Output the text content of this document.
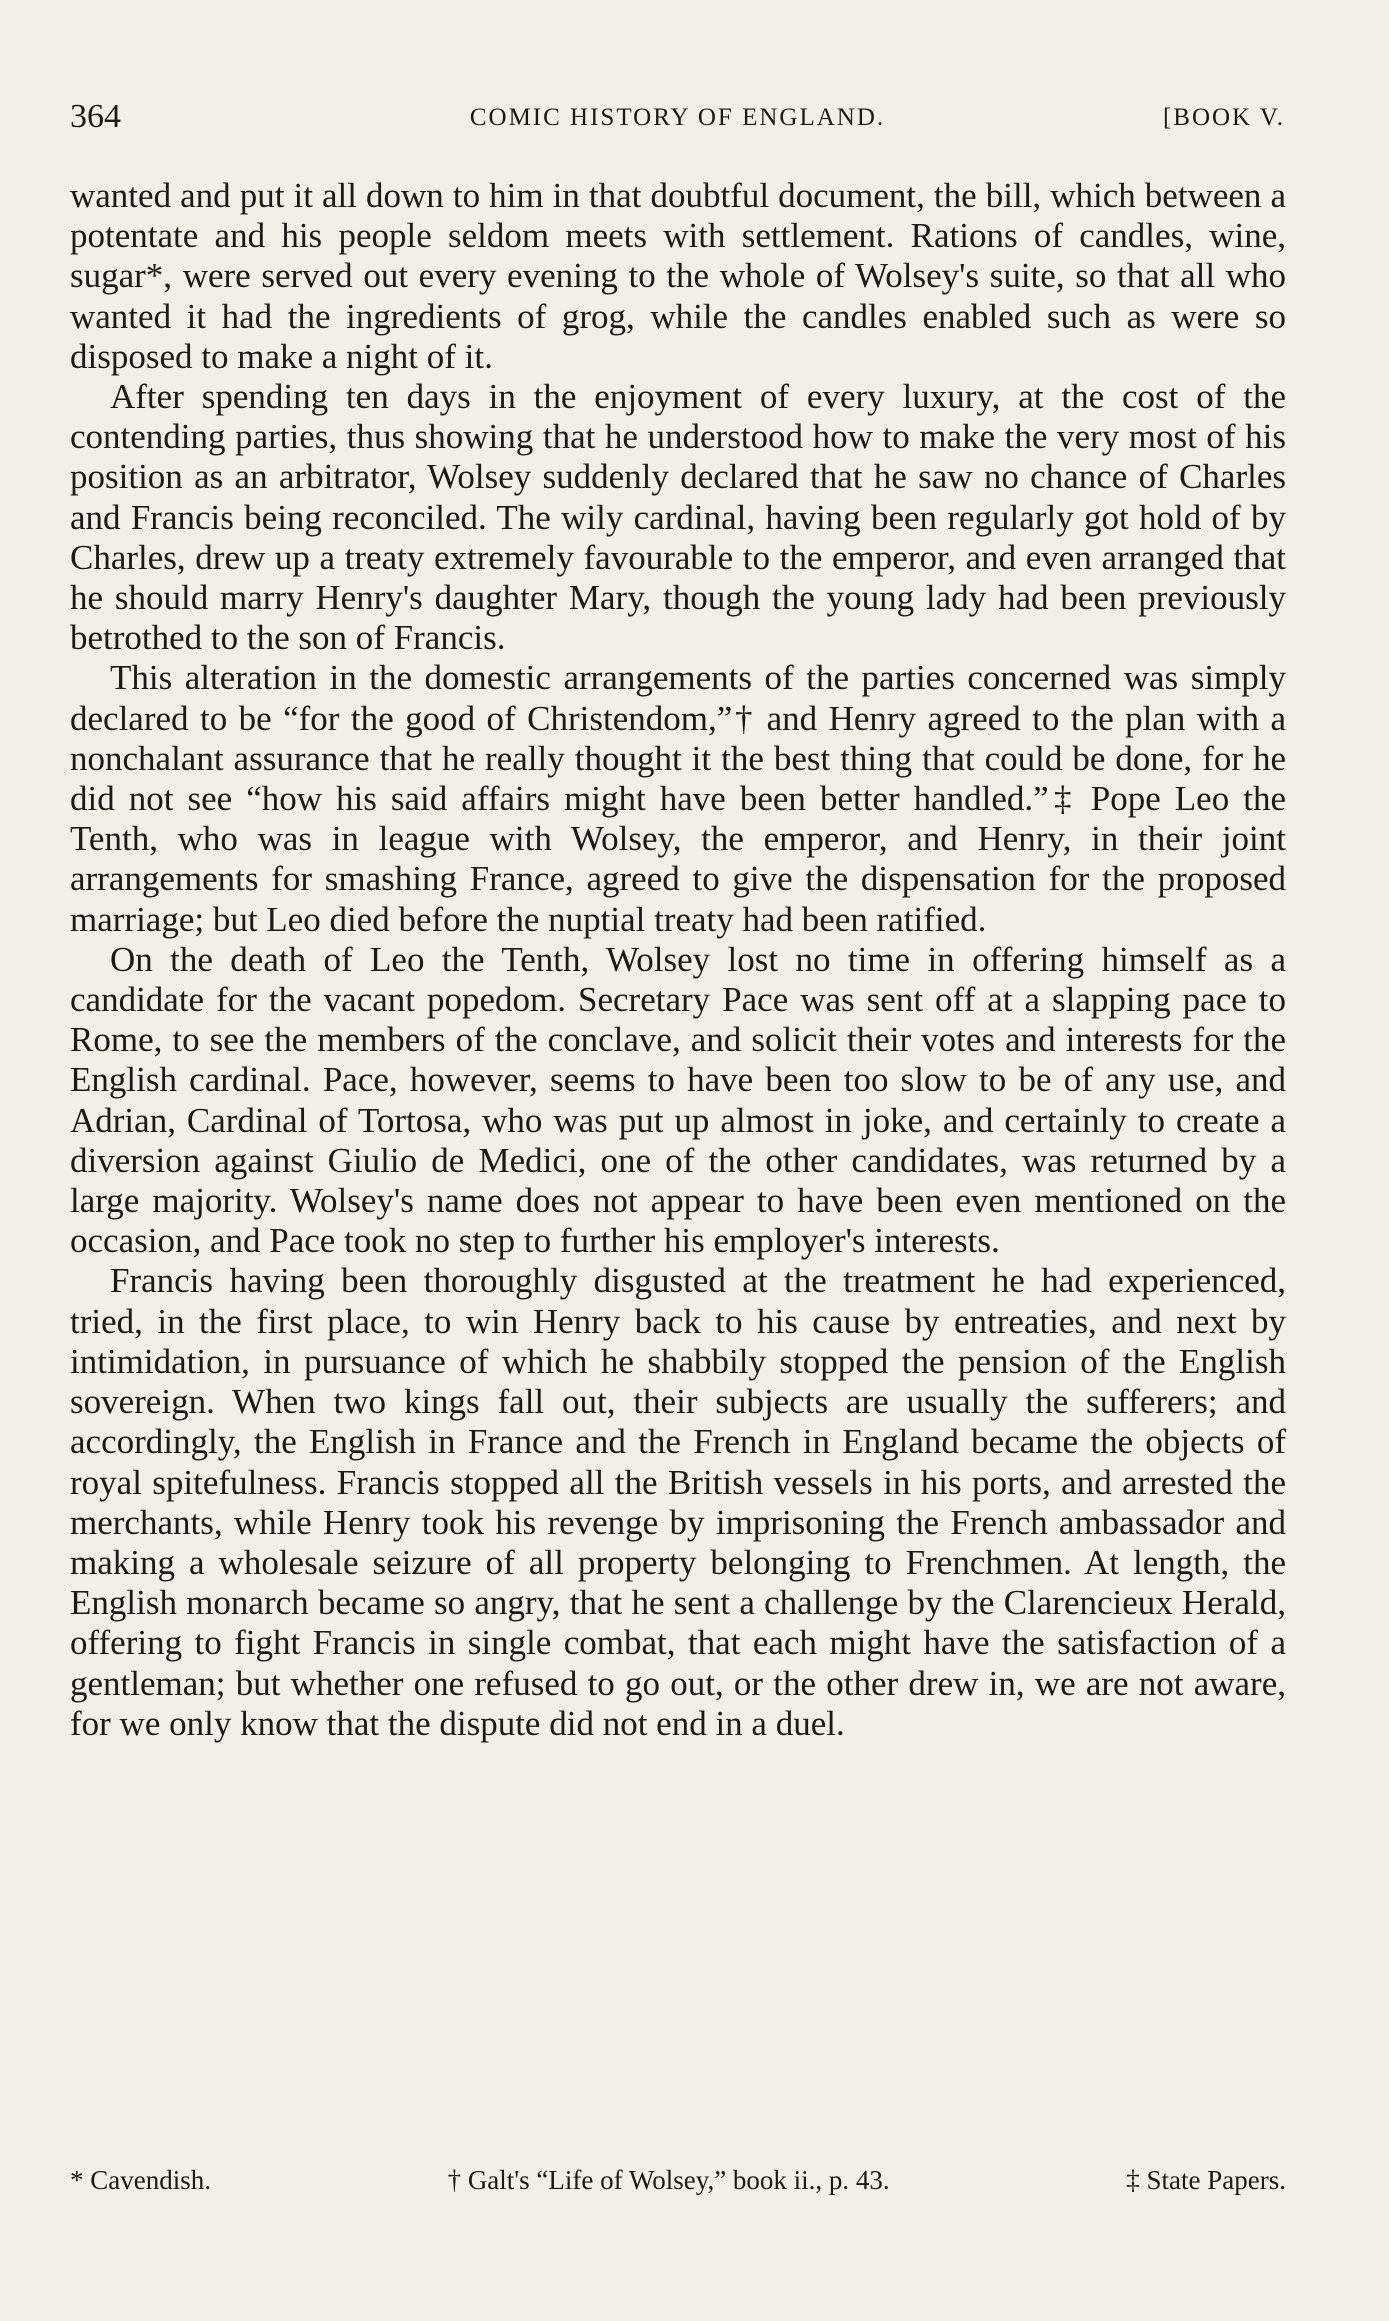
364	COMIC HISTORY OF ENGLAND.	[BOOK V.

wanted and put it all down to him in that doubtful document, the bill, which between a potentate and his people seldom meets with settlement. Rations of candles, wine, sugar*, were served out every evening to the whole of Wolsey's suite, so that all who wanted it had the ingredients of grog, while the candles enabled such as were so disposed to make a night of it.

After spending ten days in the enjoyment of every luxury, at the cost of the contending parties, thus showing that he understood how to make the very most of his position as an arbitrator, Wolsey suddenly declared that he saw no chance of Charles and Francis being reconciled. The wily cardinal, having been regularly got hold of by Charles, drew up a treaty extremely favourable to the emperor, and even arranged that he should marry Henry's daughter Mary, though the young lady had been previously betrothed to the son of Francis.

This alteration in the domestic arrangements of the parties concerned was simply declared to be “for the good of Christendom,”† and Henry agreed to the plan with a nonchalant assurance that he really thought it the best thing that could be done, for he did not see “how his said affairs might have been better handled.”‡ Pope Leo the Tenth, who was in league with Wolsey, the emperor, and Henry, in their joint arrangements for smashing France, agreed to give the dispensation for the proposed marriage; but Leo died before the nuptial treaty had been ratified.

On the death of Leo the Tenth, Wolsey lost no time in offering himself as a candidate for the vacant popedom. Secretary Pace was sent off at a slapping pace to Rome, to see the members of the conclave, and solicit their votes and interests for the English cardinal. Pace, however, seems to have been too slow to be of any use, and Adrian, Cardinal of Tortosa, who was put up almost in joke, and certainly to create a diversion against Giulio de Medici, one of the other candidates, was returned by a large majority. Wolsey's name does not appear to have been even mentioned on the occasion, and Pace took no step to further his employer's interests.

Francis having been thoroughly disgusted at the treatment he had experienced, tried, in the first place, to win Henry back to his cause by entreaties, and next by intimidation, in pursuance of which he shabbily stopped the pension of the English sovereign. When two kings fall out, their subjects are usually the sufferers; and accordingly, the English in France and the French in England became the objects of royal spitefulness. Francis stopped all the British vessels in his ports, and arrested the merchants, while Henry took his revenge by imprisoning the French ambassador and making a wholesale seizure of all property belonging to Frenchmen. At length, the English monarch became so angry, that he sent a challenge by the Clarencieux Herald, offering to fight Francis in single combat, that each might have the satisfaction of a gentleman; but whether one refused to go out, or the other drew in, we are not aware, for we only know that the dispute did not end in a duel.

* Cavendish.	† Galt's “Life of Wolsey,” book ii., p. 43.	‡ State Papers.
